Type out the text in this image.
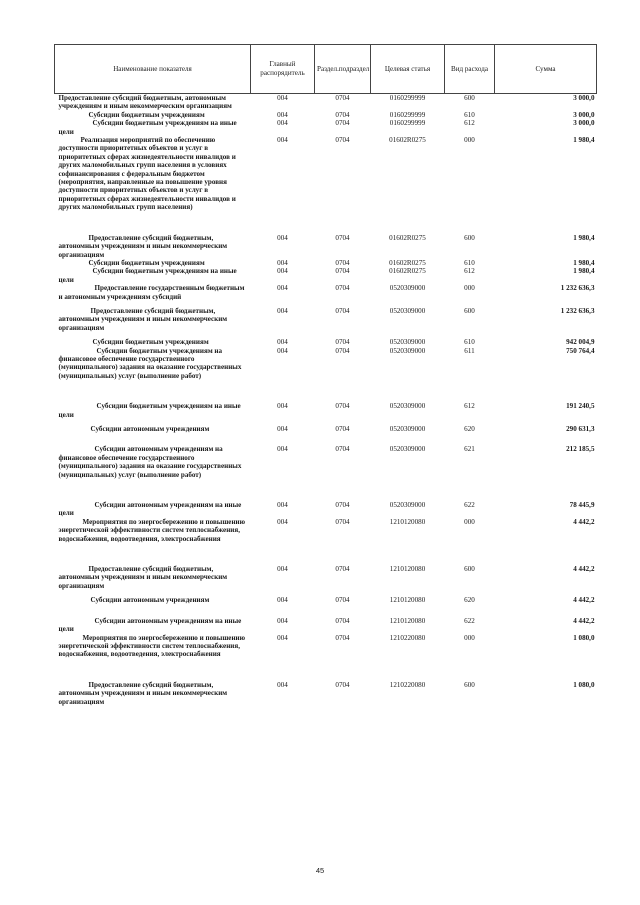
Наименование показателя	Главный распорядитель	Раздел.подраздел	Целевая статья	Вид расхода	Сумма
Предоставление субсидий бюджетным, автономным учреждениям и иным некоммерческим организациям	004	0704	0160299999	600	3 000,0
Субсидии бюджетным учреждениям	004	0704	0160299999	610	3 000,0
Субсидии бюджетным учреждениям на иные цели	004	0704	0160299999	612	3 000,0
Реализация мероприятий по обеспечению доступности приоритетных объектов и услуг в приоритетных сферах жизнедеятельности инвалидов и других маломобильных групп населения в условиях софинансирования с федеральным бюджетом (мероприятия, направленные на повышение уровня доступности приоритетных объектов и услуг в приоритетных сферах жизнедеятельности инвалидов и других маломобильных групп населения)	004	0704	01602R0275	000	1 980,4
Предоставление субсидий бюджетным, автономным учреждениям и иным некоммерческим организациям	004	0704	01602R0275	600	1 980,4
Субсидии бюджетным учреждениям	004	0704	01602R0275	610	1 980,4
Субсидии бюджетным учреждениям на иные цели	004	0704	01602R0275	612	1 980,4
Предоставление государственным бюджетным и автономным учреждениям субсидий	004	0704	0520309000	000	1 232 636,3
Предоставление субсидий бюджетным, автономным учреждениям и иным некоммерческим организациям	004	0704	0520309000	600	1 232 636,3
Субсидии бюджетным учреждениям	004	0704	0520309000	610	942 004,9
Субсидии бюджетным учреждениям на финансовое обеспечение государственного (муниципального) задания на оказание государственных (муниципальных) услуг (выполнение работ)	004	0704	0520309000	611	750 764,4
Субсидии бюджетным учреждениям на иные цели	004	0704	0520309000	612	191 240,5
Субсидии автономным учреждениям	004	0704	0520309000	620	290 631,3
Субсидии автономным учреждениям на финансовое обеспечение государственного (муниципального) задания на оказание государственных (муниципальных) услуг (выполнение работ)	004	0704	0520309000	621	212 185,5
Субсидии автономным учреждениям на иные цели	004	0704	0520309000	622	78 445,9
Мероприятия по энергосбережению и повышению энергетической эффективности систем теплоснабжения, водоснабжения, водоотведения, электроснабжения	004	0704	1210120080	000	4 442,2
Предоставление субсидий бюджетным, автономным учреждениям и иным некоммерческим организациям	004	0704	1210120080	600	4 442,2
Субсидии автономным учреждениям	004	0704	1210120080	620	4 442,2
Субсидии автономным учреждениям на иные цели	004	0704	1210120080	622	4 442,2
Мероприятия по энергосбережению и повышению энергетической эффективности систем теплоснабжения, водоснабжения, водоотведения, электроснабжения	004	0704	1210220080	000	1 080,0
Предоставление субсидий бюджетным, автономным учреждениям и иным некоммерческим организациям	004	0704	1210220080	600	1 080,0
45
